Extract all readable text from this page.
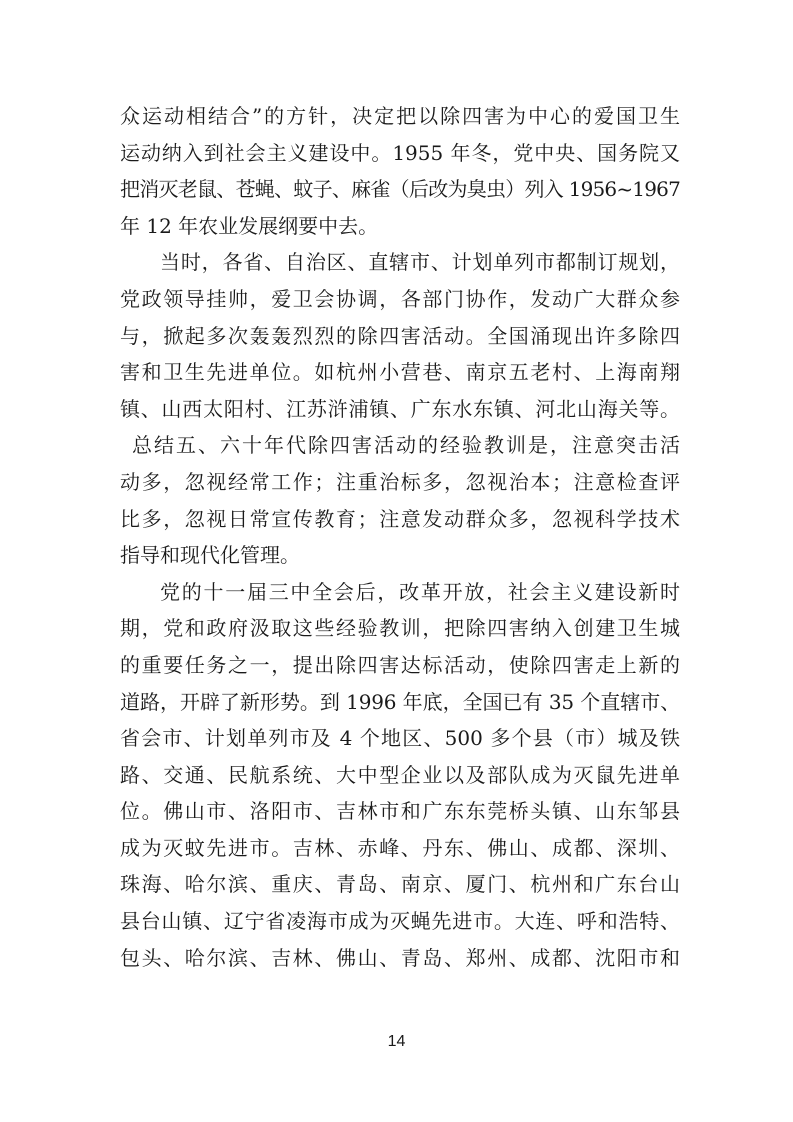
众运动相结合”的方针，决定把以除四害为中心的爱国卫生
运动纳入到社会主义建设中。1955 年冬，党中央、国务院又
把消灭老鼠、苍蝇、蚊子、麻雀（后改为臭虫）列入 1956~1967
年 12 年农业发展纲要中去。
当时，各省、自治区、直辖市、计划单列市都制订规划，
党政领导挂帅，爱卫会协调，各部门协作，发动广大群众参
与，掀起多次轰轰烈烈的除四害活动。全国涌现出许多除四
害和卫生先进单位。如杭州小营巷、南京五老村、上海南翔
镇、山西太阳村、江苏浒浦镇、广东水东镇、河北山海关等。
总结五、六十年代除四害活动的经验教训是，注意突击活
动多，忽视经常工作；注重治标多，忽视治本；注意检查评
比多，忽视日常宣传教育；注意发动群众多，忽视科学技术
指导和现代化管理。
党的十一届三中全会后，改革开放，社会主义建设新时
期，党和政府汲取这些经验教训，把除四害纳入创建卫生城
的重要任务之一，提出除四害达标活动，使除四害走上新的
道路，开辟了新形势。到 1996 年底，全国已有 35 个直辖市、
省会市、计划单列市及 4 个地区、500 多个县（市）城及铁
路、交通、民航系统、大中型企业以及部队成为灭鼠先进单
位。佛山市、洛阳市、吉林市和广东东莞桥头镇、山东邹县
成为灭蚊先进市。吉林、赤峰、丹东、佛山、成都、深圳、
珠海、哈尔滨、重庆、青岛、南京、厦门、杭州和广东台山
县台山镇、辽宁省凌海市成为灭蝇先进市。大连、呼和浩特、
包头、哈尔滨、吉林、佛山、青岛、郑州、成都、沈阳市和
14
